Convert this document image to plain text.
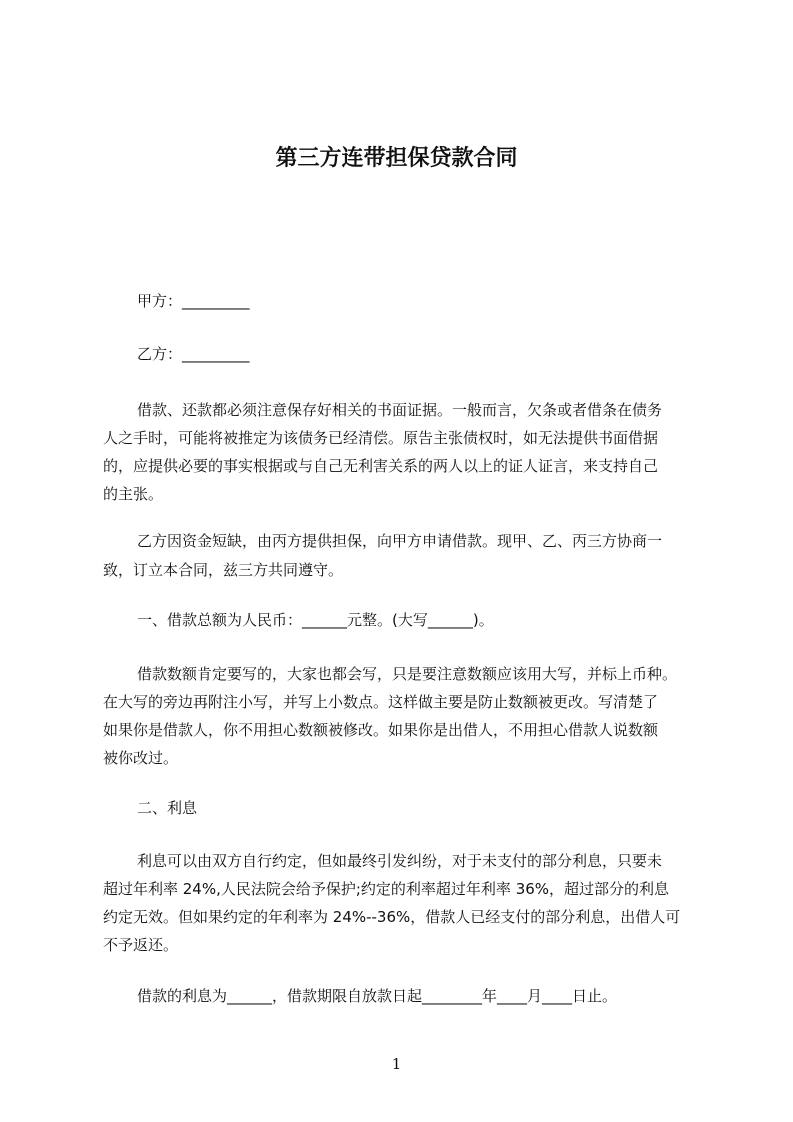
第三方连带担保贷款合同
甲方：_________
乙方：_________
借款、还款都必须注意保存好相关的书面证据。一般而言，欠条或者借条在债务
人之手时，可能将被推定为该债务已经清偿。原告主张债权时，如无法提供书面借据
的，应提供必要的事实根据或与自己无利害关系的两人以上的证人证言，来支持自己
的主张。
乙方因资金短缺，由丙方提供担保，向甲方申请借款。现甲、乙、丙三方协商一
致，订立本合同，兹三方共同遵守。
一、借款总额为人民币：______元整。(大写______)。
借款数额肯定要写的，大家也都会写，只是要注意数额应该用大写，并标上币种。
在大写的旁边再附注小写，并写上小数点。这样做主要是防止数额被更改。写清楚了
如果你是借款人，你不用担心数额被修改。如果你是出借人，不用担心借款人说数额
被你改过。
二、利息
利息可以由双方自行约定，但如最终引发纠纷，对于未支付的部分利息，只要未
超过年利率 24%,人民法院会给予保护;约定的利率超过年利率 36%，超过部分的利息
约定无效。但如果约定的年利率为 24%--36%，借款人已经支付的部分利息，出借人可
不予返还。
借款的利息为______，借款期限自放款日起________年____月____日止。
1
